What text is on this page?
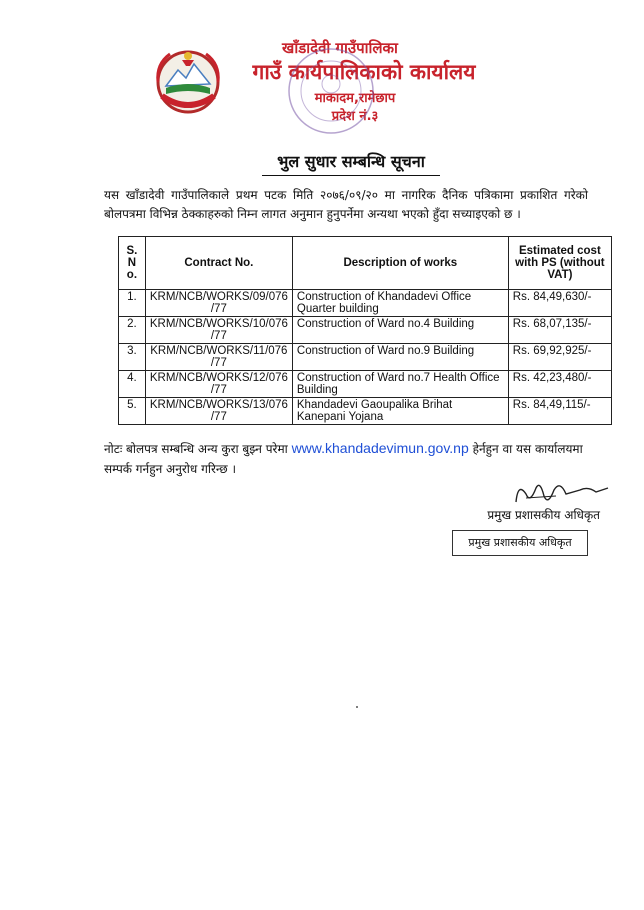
खाँडादेवी गाउँपालिका
गाउँ कार्यपालिकाको कार्यालय
माकादम,रामेछाप
प्रदेश नं.३
भुल सुधार सम्बन्धि सूचना
यस खाँडादेवी गाउँपालिकाले प्रथम पटक मिति २०७६/०९/२० मा नागरिक दैनिक पत्रिकामा प्रकाशित गरेको बोलपत्रमा विभिन्न ठेक्काहरुको निम्न लागत अनुमान हुनुपर्नेमा अन्यथा भएको हुँदा सच्याइएको छ ।
S.
N
o.	Contract No.	Description of works	Estimated cost with PS (without VAT)
1.	KRM/NCB/WORKS/09/076 /77	Construction of Khandadevi Office Quarter building	Rs. 84,49,630/-
2.	KRM/NCB/WORKS/10/076 /77	Construction of Ward no.4 Building	Rs. 68,07,135/-
3.	KRM/NCB/WORKS/11/076 /77	Construction of Ward no.9 Building	Rs. 69,92,925/-
4.	KRM/NCB/WORKS/12/076 /77	Construction of Ward no.7 Health Office Building	Rs. 42,23,480/-
5.	KRM/NCB/WORKS/13/076 /77	Khandadevi Gaoupalika Brihat Kanepani Yojana	Rs. 84,49,115/-
नोटः बोलपत्र सम्बन्धि अन्य कुरा बुझ्न परेमा www.khandadevimun.gov.np हेर्नहुन वा यस कार्यालयमा सम्पर्क गर्नहुन अनुरोध गरिन्छ ।
प्रमुख प्रशासकीय अधिकृत
प्रमुख प्रशासकीय अधिकृत
